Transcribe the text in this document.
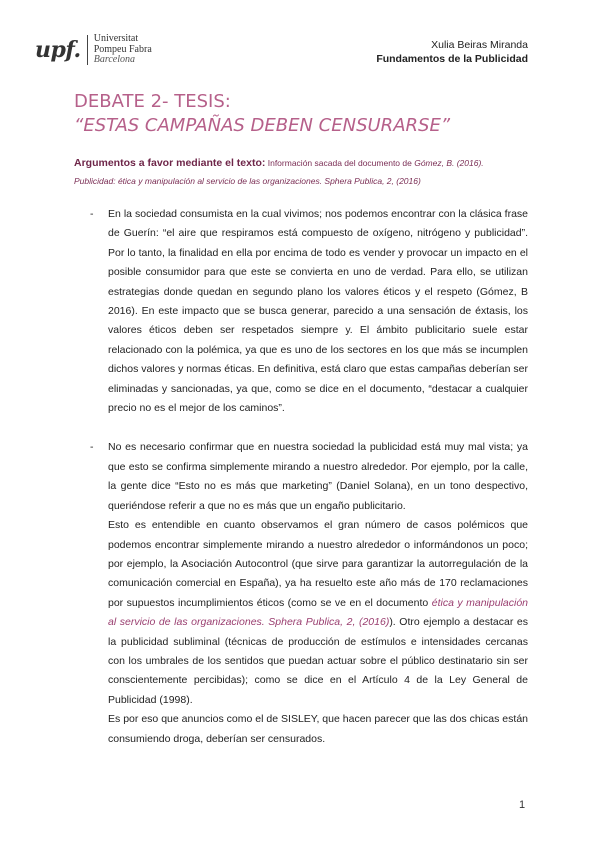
upf.	Universitat
Pompeu Fabra
Barcelona
Xulia Beiras Miranda
Fundamentos de la Publicidad
DEBATE 2- TESIS:
“ESTAS CAMPAÑAS DEBEN CENSURARSE”
Argumentos a favor mediante el texto: Información sacada del documento de Gómez, B. (2016).
Publicidad: ética y manipulación al servicio de las organizaciones. Sphera Publica, 2, (2016)
- En la sociedad consumista en la cual vivimos; nos podemos encontrar con la clásica frase de Guerín: “el aire que respiramos está compuesto de oxígeno, nitrógeno y publicidad”. Por lo tanto, la finalidad en ella por encima de todo es vender y provocar un impacto en el posible consumidor para que este se convierta en uno de verdad. Para ello, se utilizan estrategias donde quedan en segundo plano los valores éticos y el respeto (Gómez, B 2016). En este impacto que se busca generar, parecido a una sensación de éxtasis, los valores éticos deben ser respetados siempre y. El ámbito publicitario suele estar relacionado con la polémica, ya que es uno de los sectores en los que más se incumplen dichos valores y normas éticas. En definitiva, está claro que estas campañas deberían ser eliminadas y sancionadas, ya que, como se dice en el documento, “destacar a cualquier precio no es el mejor de los caminos”.

- No es necesario confirmar que en nuestra sociedad la publicidad está muy mal vista; ya que esto se confirma simplemente mirando a nuestro alrededor. Por ejemplo, por la calle, la gente dice “Esto no es más que marketing” (Daniel Solana), en un tono despectivo, queriéndose referir a que no es más que un engaño publicitario.

Esto es entendible en cuanto observamos el gran número de casos polémicos que podemos encontrar simplemente mirando a nuestro alrededor o informándonos un poco; por ejemplo, la Asociación Autocontrol (que sirve para garantizar la autorregulación de la comunicación comercial en España), ya ha resuelto este año más de 170 reclamaciones por supuestos incumplimientos éticos (como se ve en el documento ética y manipulación al servicio de las organizaciones. Sphera Publica, 2, (2016)). Otro ejemplo a destacar es la publicidad subliminal (técnicas de producción de estímulos e intensidades cercanas con los umbrales de los sentidos que puedan actuar sobre el público destinatario sin ser conscientemente percibidas); como se dice en el Artículo 4 de la Ley General de Publicidad (1998).

Es por eso que anuncios como el de SISLEY, que hacen parecer que las dos chicas están consumiendo droga, deberían ser censurados.

1
